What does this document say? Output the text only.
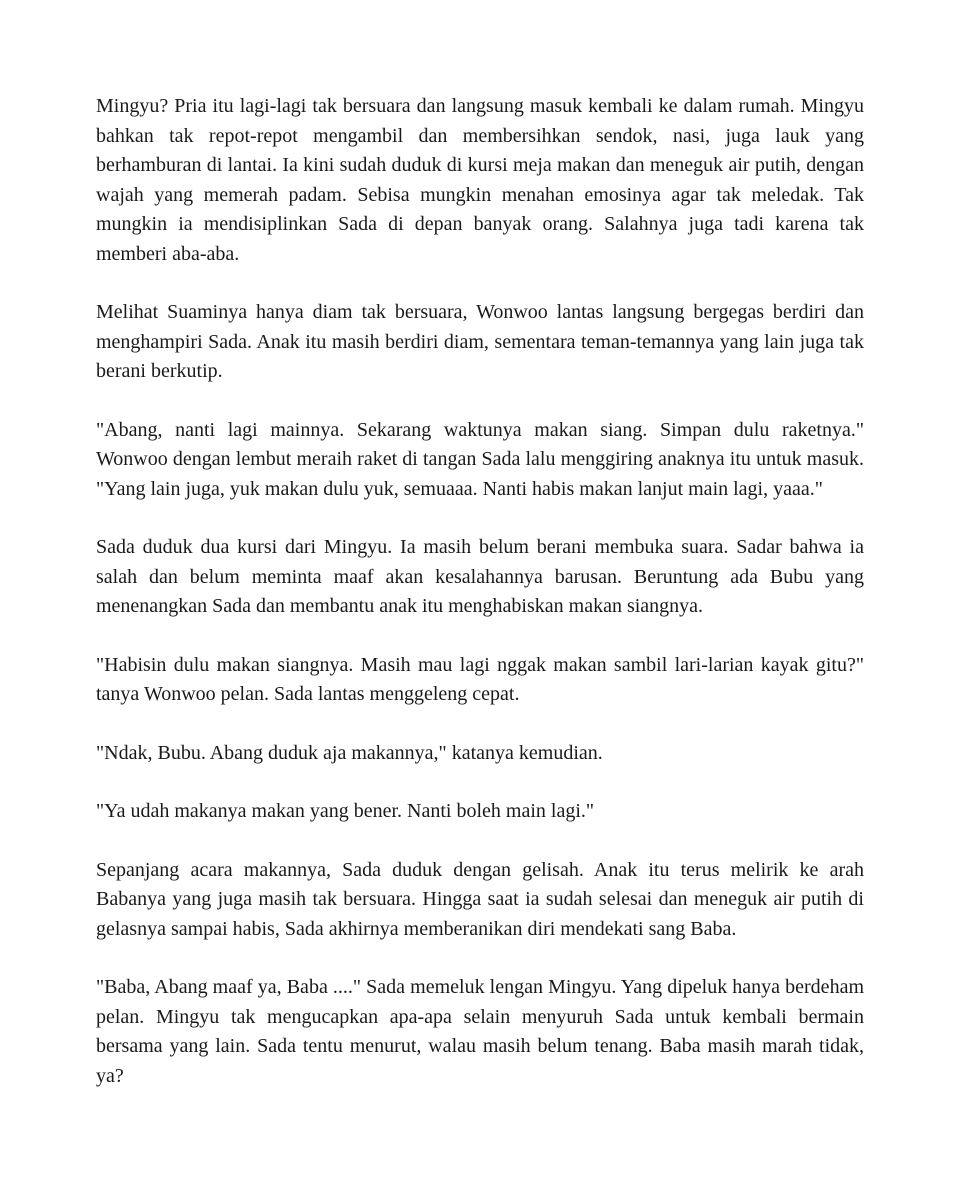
Mingyu? Pria itu lagi-lagi tak bersuara dan langsung masuk kembali ke dalam rumah. Mingyu bahkan tak repot-repot mengambil dan membersihkan sendok, nasi, juga lauk yang berhamburan di lantai. Ia kini sudah duduk di kursi meja makan dan meneguk air putih, dengan wajah yang memerah padam. Sebisa mungkin menahan emosinya agar tak meledak. Tak mungkin ia mendisiplinkan Sada di depan banyak orang. Salahnya juga tadi karena tak memberi aba-aba.

Melihat Suaminya hanya diam tak bersuara, Wonwoo lantas langsung bergegas berdiri dan menghampiri Sada. Anak itu masih berdiri diam, sementara teman-temannya yang lain juga tak berani berkutip.

"Abang, nanti lagi mainnya. Sekarang waktunya makan siang. Simpan dulu raketnya." Wonwoo dengan lembut meraih raket di tangan Sada lalu menggiring anaknya itu untuk masuk. "Yang lain juga, yuk makan dulu yuk, semuaaa. Nanti habis makan lanjut main lagi, yaaa."

Sada duduk dua kursi dari Mingyu. Ia masih belum berani membuka suara. Sadar bahwa ia salah dan belum meminta maaf akan kesalahannya barusan. Beruntung ada Bubu yang menenangkan Sada dan membantu anak itu menghabiskan makan siangnya.

"Habisin dulu makan siangnya. Masih mau lagi nggak makan sambil lari-larian kayak gitu?" tanya Wonwoo pelan. Sada lantas menggeleng cepat.

"Ndak, Bubu. Abang duduk aja makannya," katanya kemudian.

"Ya udah makanya makan yang bener. Nanti boleh main lagi."

Sepanjang acara makannya, Sada duduk dengan gelisah. Anak itu terus melirik ke arah Babanya yang juga masih tak bersuara. Hingga saat ia sudah selesai dan meneguk air putih di gelasnya sampai habis, Sada akhirnya memberanikan diri mendekati sang Baba.

"Baba, Abang maaf ya, Baba ...." Sada memeluk lengan Mingyu. Yang dipeluk hanya berdeham pelan. Mingyu tak mengucapkan apa-apa selain menyuruh Sada untuk kembali bermain bersama yang lain. Sada tentu menurut, walau masih belum tenang. Baba masih marah tidak, ya?
